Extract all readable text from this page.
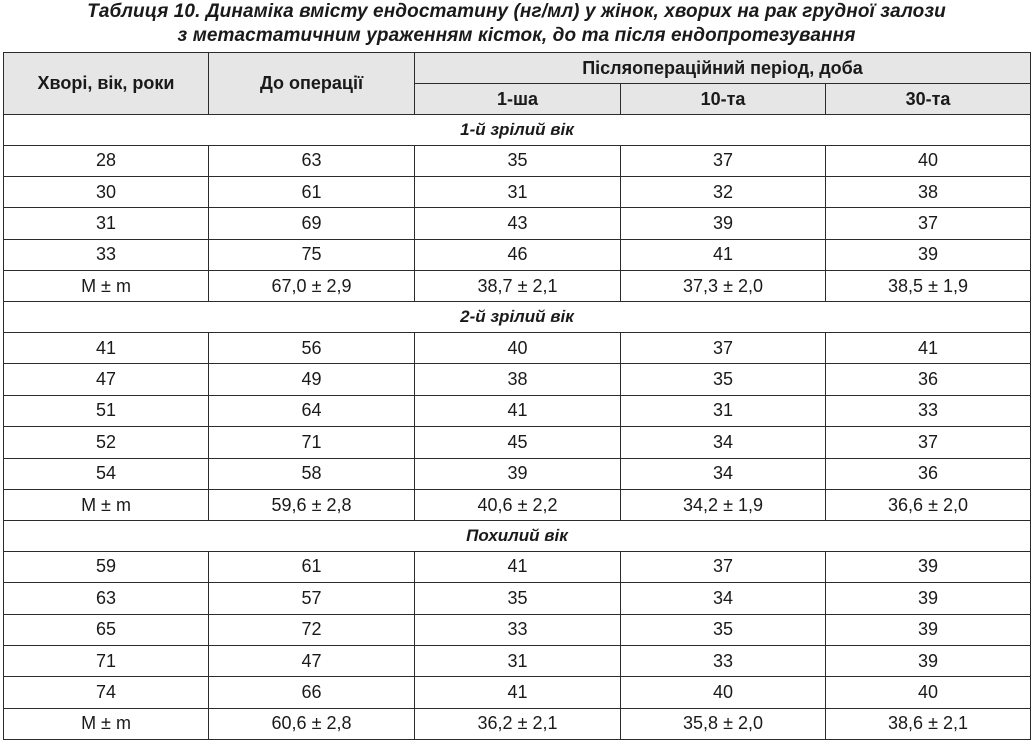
Таблиця 10. Динаміка вмісту ендостатину (нг/мл) у жінок, хворих на рак грудної залози
з метастатичним ураженням кісток, до та після ендопротезування
Хворі, вік, роки	До операції	Післяопераційний період, доба		
		1-ша	10-та	30-та
1-й зрілий вік				
28	63	35	37	40
30	61	31	32	38
31	69	43	39	37
33	75	46	41	39
M ± m	67,0 ± 2,9	38,7 ± 2,1	37,3 ± 2,0	38,5 ± 1,9
2-й зрілий вік				
41	56	40	37	41
47	49	38	35	36
51	64	41	31	33
52	71	45	34	37
54	58	39	34	36
M ± m	59,6 ± 2,8	40,6 ± 2,2	34,2 ± 1,9	36,6 ± 2,0
Похилий вік				
59	61	41	37	39
63	57	35	34	39
65	72	33	35	39
71	47	31	33	39
74	66	41	40	40
M ± m	60,6 ± 2,8	36,2 ± 2,1	35,8 ± 2,0	38,6 ± 2,1
